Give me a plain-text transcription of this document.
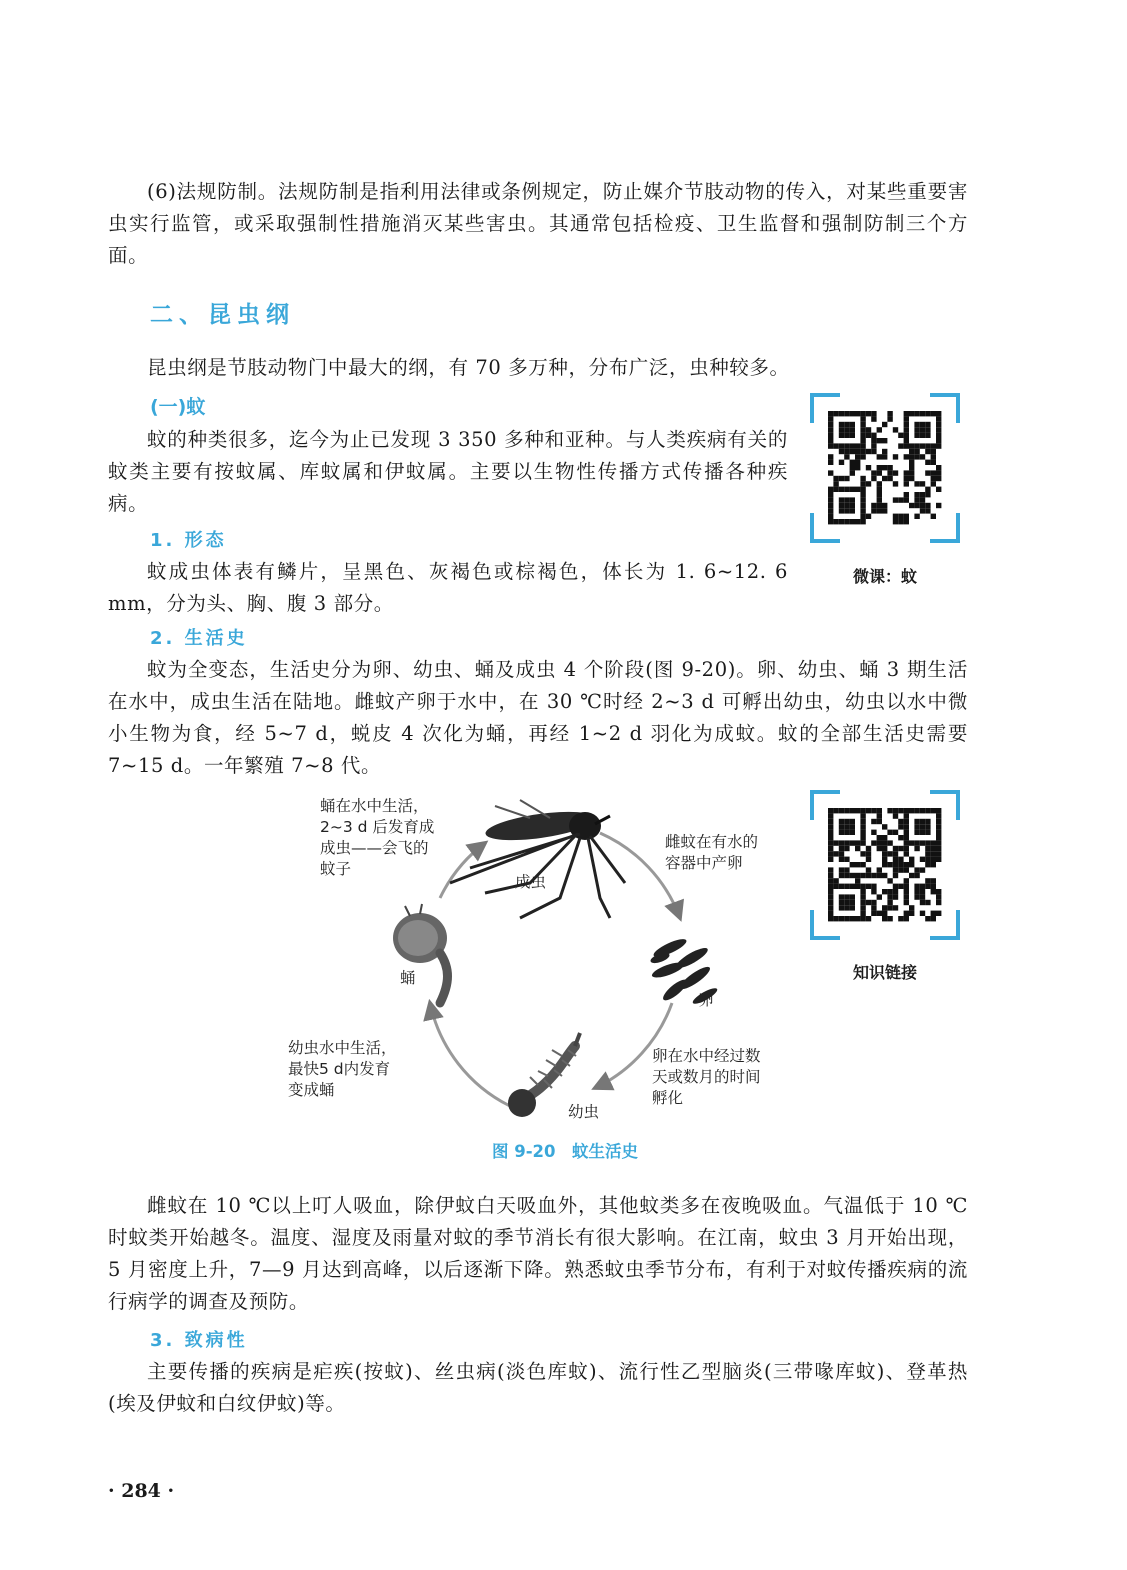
(6)法规防制。法规防制是指利用法律或条例规定，防止媒介节肢动物的传入，对某些重要害虫实行监管，或采取强制性措施消灭某些害虫。其通常包括检疫、卫生监督和强制防制三个方面。

二、昆虫纲

昆虫纲是节肢动物门中最大的纲，有 70 多万种，分布广泛，虫种较多。

(一)蚊

蚊的种类很多，迄今为止已发现 3 350 多种和亚种。与人类疾病有关的蚊类主要有按蚊属、库蚊属和伊蚊属。主要以生物性传播方式传播各种疾病。

1. 形态

蚊成虫体表有鳞片，呈黑色、灰褐色或棕褐色，体长为 1. 6~12. 6 mm，分为头、胸、腹 3 部分。

2. 生活史

蚊为全变态，生活史分为卵、幼虫、蛹及成虫 4 个阶段(图 9-20)。卵、幼虫、蛹 3 期生活在水中，成虫生活在陆地。雌蚊产卵于水中，在 30 ℃时经 2~3 d 可孵出幼虫，幼虫以水中微小生物为食，经 5~7 d，蜕皮 4 次化为蛹，再经 1~2 d 羽化为成蚊。蚊的全部生活史需要 7~15 d。一年繁殖 7~8 代。

微课：蚊
知识链接
蛹在水中生活，
2~3 d 后发育成
成虫——会飞的
蚊子
成虫
雌蚊在有水的
容器中产卵
蛹
卵
幼虫水中生活，
最快5 d内发育
变成蛹
卵在水中经过数
天或数月的时间
孵化
幼虫
图 9-20　蚊生活史

雌蚊在 10 ℃以上叮人吸血，除伊蚊白天吸血外，其他蚊类多在夜晚吸血。气温低于 10 ℃时蚊类开始越冬。温度、湿度及雨量对蚊的季节消长有很大影响。在江南，蚊虫 3 月开始出现，5 月密度上升，7—9 月达到高峰，以后逐渐下降。熟悉蚊虫季节分布，有利于对蚊传播疾病的流行病学的调查及预防。

3. 致病性

主要传播的疾病是疟疾(按蚊)、丝虫病(淡色库蚊)、流行性乙型脑炎(三带喙库蚊)、登革热(埃及伊蚊和白纹伊蚊)等。

· 284 ·
